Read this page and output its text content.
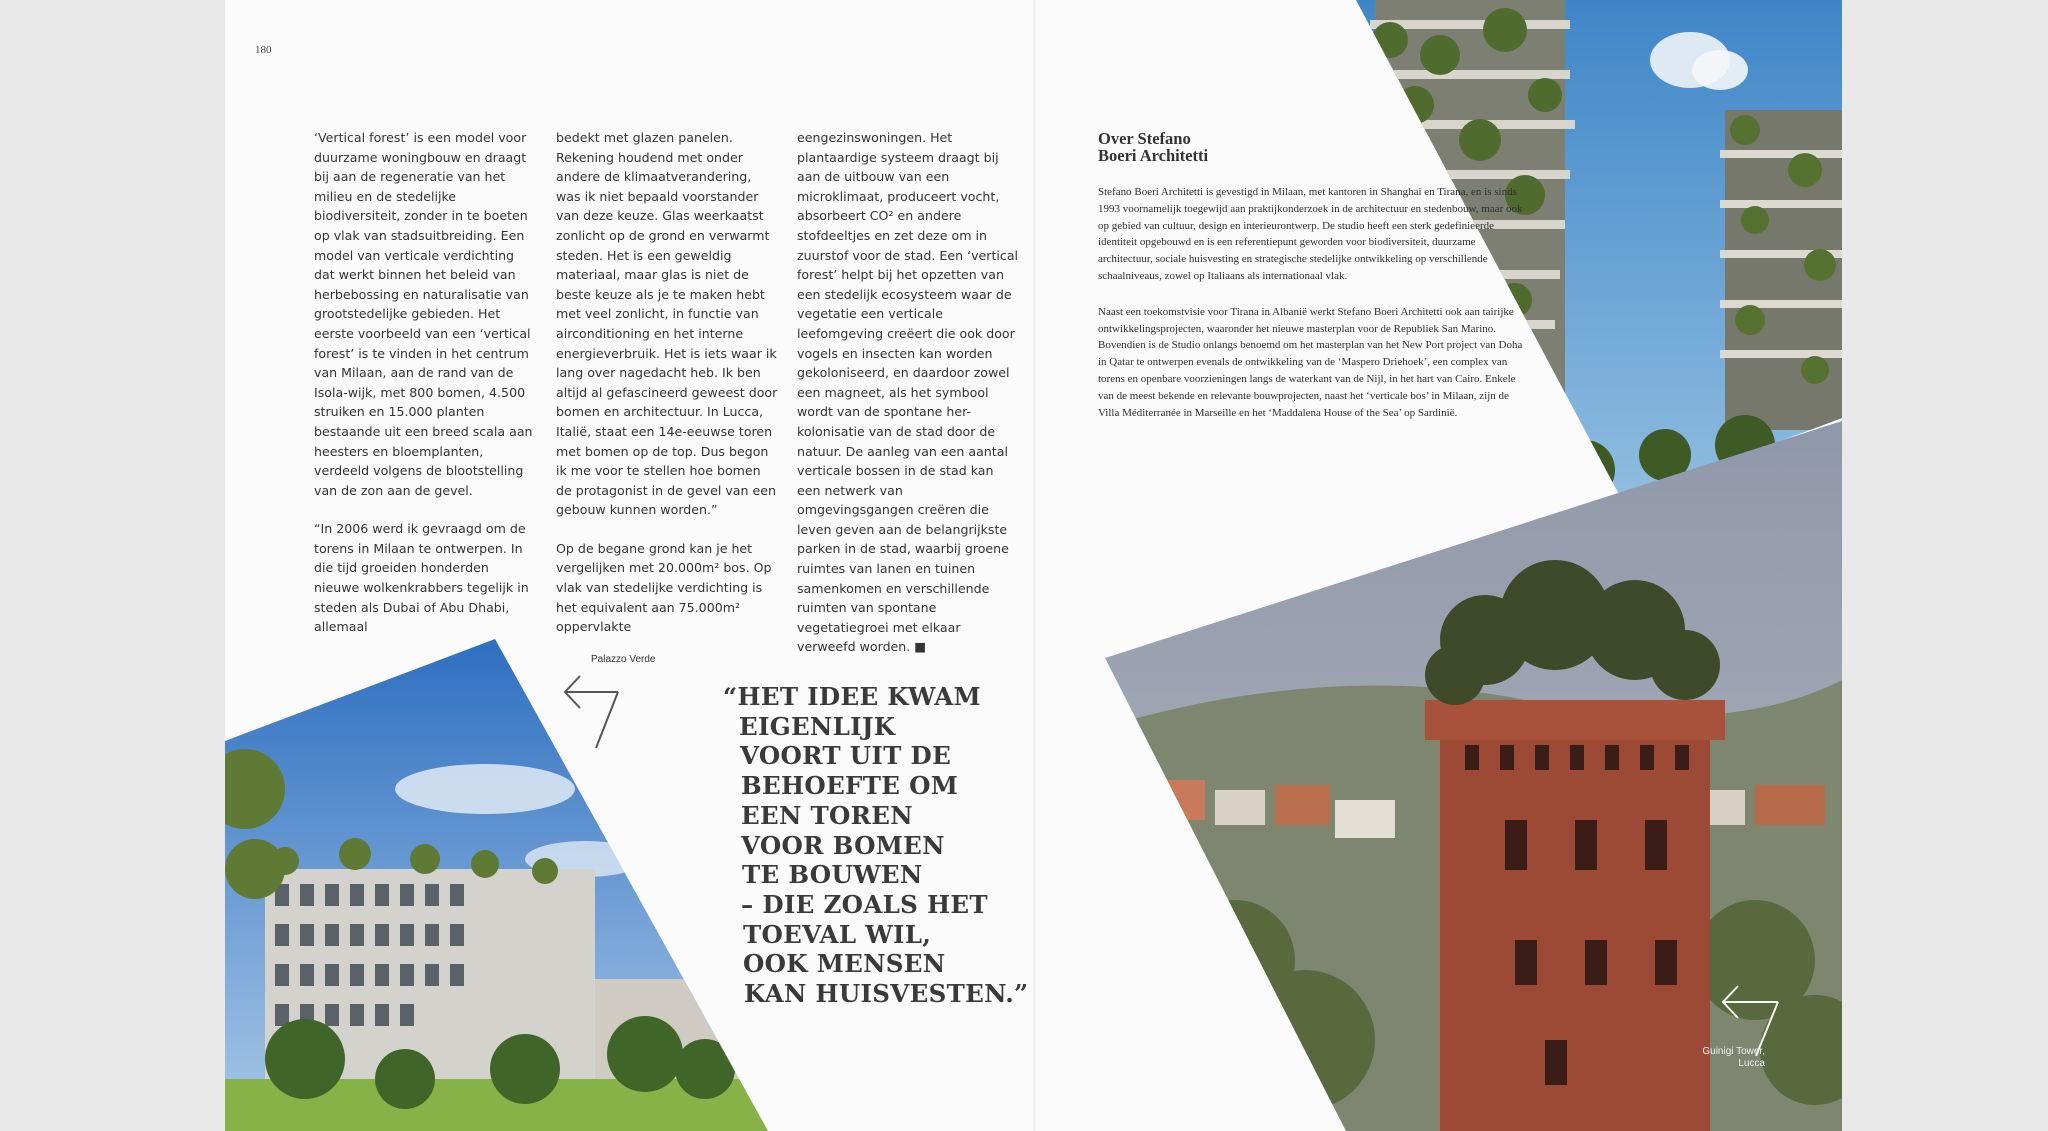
180

‘Vertical forest’ is een model voor duurzame woningbouw en draagt bij aan de regeneratie van het milieu en de stedelijke biodiversiteit, zonder in te boeten op vlak van stadsuitbreiding. Een model van verticale verdichting dat werkt binnen het beleid van herbebossing en naturalisatie van grootstedelijke gebieden. Het eerste voorbeeld van een ‘vertical forest’ is te vinden in het centrum van Milaan, aan de rand van de Isola-wijk, met 800 bomen, 4.500 struiken en 15.000 planten bestaande uit een breed scala aan heesters en bloemplanten, verdeeld volgens de blootstelling van de zon aan de gevel.

“In 2006 werd ik gevraagd om de torens in Milaan te ontwerpen. In die tijd groeiden honderden nieuwe wolkenkrabbers tegelijk in steden als Dubai of Abu Dhabi, allemaal

bedekt met glazen panelen. Rekening houdend met onder andere de klimaatverandering, was ik niet bepaald voorstander van deze keuze. Glas weerkaatst zonlicht op de grond en verwarmt steden. Het is een geweldig materiaal, maar glas is niet de beste keuze als je te maken hebt met veel zonlicht, in functie van airconditioning en het interne energieverbruik. Het is iets waar ik lang over nagedacht heb. Ik ben altijd al gefascineerd geweest door bomen en architectuur. In Lucca, Italië, staat een 14e-eeuwse toren met bomen op de top. Dus begon ik me voor te stellen hoe bomen de protagonist in de gevel van een gebouw kunnen worden.”

Op de begane grond kan je het vergelijken met 20.000m² bos. Op vlak van stedelijke verdichting is het equivalent aan 75.000m² oppervlakte

eengezinswoningen. Het plantaardige systeem draagt bij aan de uitbouw van een microklimaat, produceert vocht, absorbeert CO² en andere stofdeeltjes en zet deze om in zuurstof voor de stad. Een ‘vertical forest’ helpt bij het opzetten van een stedelijk ecosysteem waar de vegetatie een verticale leefomgeving creëert die ook door vogels en insecten kan worden gekoloniseerd, en daardoor zowel een magneet, als het symbool wordt van de spontane her-kolonisatie van de stad door de natuur. De aanleg van een aantal verticale bossen in de stad kan een netwerk van omgevingsgangen creëren die leven geven aan de belangrijkste parken in de stad, waarbij groene ruimtes van lanen en tuinen samenkomen en verschillende ruimten van spontane vegetatiegroei met elkaar verweefd worden. ■

Over Stefano
Boeri Architetti

Stefano Boeri Architetti is gevestigd in Milaan, met kantoren in Shanghai en Tirana, en is sinds 1993 voornamelijk toegewijd aan praktijkonderzoek in de architectuur en stedenbouw, maar ook op gebied van cultuur, design en interieurontwerp. De studio heeft een sterk gedefinieerde identiteit opgebouwd en is een referentiepunt geworden voor biodiversiteit, duurzame architectuur, sociale huisvesting en strategische stedelijke ontwikkeling op verschillende schaalniveaus, zowel op Italiaans als internationaal vlak.

Naast een toekomstvisie voor Tirana in Albanië werkt Stefano Boeri Architetti ook aan tairijke ontwikkelingsprojecten, waaronder het nieuwe masterplan voor de Republiek San Marino. Bovendien is de Studio onlangs benoemd om het masterplan van het New Port project van Doha in Qatar te ontwerpen evenals de ontwikkeling van de ‘Maspero Driehoek’, een complex van torens en openbare voorzieningen langs de waterkant van de Nijl, in het hart van Cairo. Enkele van de meest bekende en relevante bouwprojecten, naast het ‘verticale bos’ in Milaan, zijn de Villa Méditerranée in Marseille en het ‘Maddalena House of the Sea’ op Sardinië.

Palazzo Verde
“HET IDEE KWAM
EIGENLIJK
VOORT UIT DE
BEHOEFTE OM
EEN TOREN
VOOR BOMEN
TE BOUWEN
– DIE ZOALS HET
TOEVAL WIL,
OOK MENSEN
KAN HUISVESTEN.”
Guinigi Tower,
Lucca
